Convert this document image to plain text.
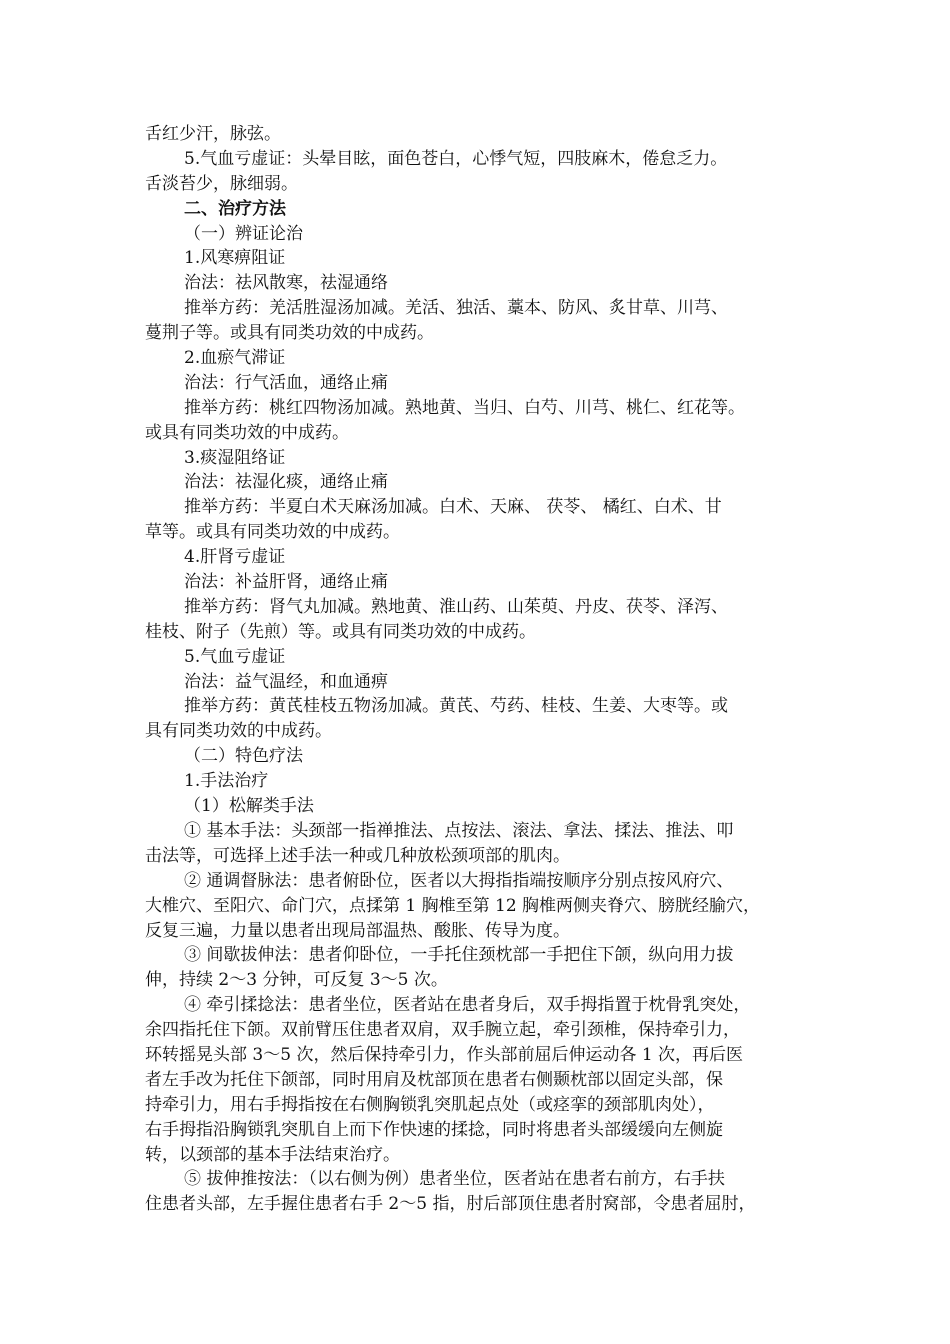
舌红少汗，脉弦。
5.气血亏虚证：头晕目眩，面色苍白，心悸气短，四肢麻木，倦怠乏力。
舌淡苔少，脉细弱。
二、治疗方法
（一）辨证论治
1.风寒痹阻证
治法：祛风散寒，祛湿通络
推举方药：羌活胜湿汤加减。羌活、独活、藁本、防风、炙甘草、川芎、
蔓荆子等。或具有同类功效的中成药。
2.血瘀气滞证
治法：行气活血，通络止痛
推举方药：桃红四物汤加减。熟地黄、当归、白芍、川芎、桃仁、红花等。
或具有同类功效的中成药。
3.痰湿阻络证
治法：祛湿化痰，通络止痛
推举方药：半夏白术天麻汤加减。白术、天麻、 茯苓、 橘红、白术、甘
草等。或具有同类功效的中成药。
4.肝肾亏虚证
治法：补益肝肾，通络止痛
推举方药：肾气丸加减。熟地黄、淮山药、山茱萸、丹皮、茯苓、泽泻、
桂枝、附子（先煎）等。或具有同类功效的中成药。
5.气血亏虚证
治法：益气温经，和血通痹
推举方药：黄芪桂枝五物汤加减。黄芪、芍药、桂枝、生姜、大枣等。或
具有同类功效的中成药。
（二）特色疗法
1.手法治疗
（1）松解类手法
① 基本手法：头颈部一指禅推法、点按法、滚法、拿法、揉法、推法、叩
击法等，可选择上述手法一种或几种放松颈项部的肌肉。
② 通调督脉法：患者俯卧位，医者以大拇指指端按顺序分别点按风府穴、
大椎穴、至阳穴、命门穴，点揉第 1 胸椎至第 12 胸椎两侧夹脊穴、膀胱经腧穴，
反复三遍，力量以患者出现局部温热、酸胀、传导为度。
③ 间歇拔伸法：患者仰卧位，一手托住颈枕部一手把住下颌，纵向用力拔
伸，持续 2～3 分钟，可反复 3～5 次。
④ 牵引揉捻法：患者坐位，医者站在患者身后，双手拇指置于枕骨乳突处，
余四指托住下颌。双前臂压住患者双肩，双手腕立起，牵引颈椎，保持牵引力，
环转摇晃头部 3～5 次，然后保持牵引力，作头部前屈后伸运动各 1 次，再后医
者左手改为托住下颌部，同时用肩及枕部顶在患者右侧颞枕部以固定头部，保
持牵引力，用右手拇指按在右侧胸锁乳突肌起点处（或痉挛的颈部肌肉处），
右手拇指沿胸锁乳突肌自上而下作快速的揉捻，同时将患者头部缓缓向左侧旋
转，以颈部的基本手法结束治疗。
⑤ 拔伸推按法：（以右侧为例）患者坐位，医者站在患者右前方，右手扶
住患者头部，左手握住患者右手 2～5 指，肘后部顶住患者肘窝部，令患者屈肘，
